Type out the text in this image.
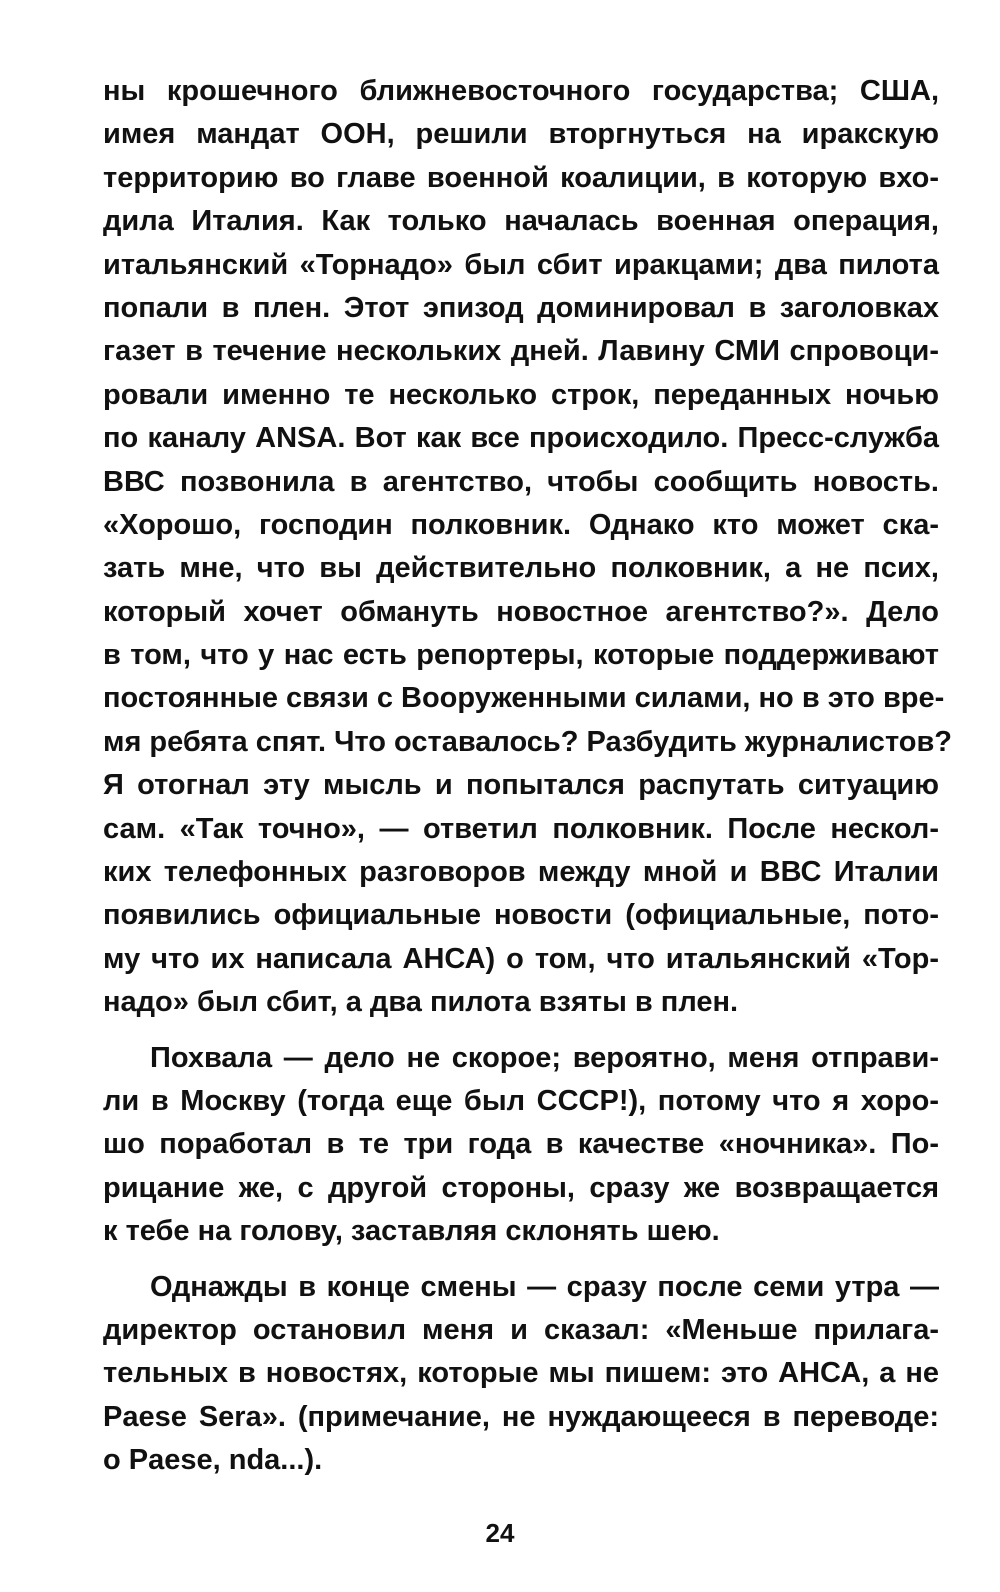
ны крошечного ближневосточного государства; США,
имея мандат ООН, решили вторгнуться на иракскую
территорию во главе военной коалиции, в которую вхо-
дила Италия. Как только началась военная операция,
итальянский «Торнадо» был сбит иракцами; два пилота
попали в плен. Этот эпизод доминировал в заголовках
газет в течение нескольких дней. Лавину СМИ спровоци-
ровали именно те несколько строк, переданных ночью
по каналу ANSA. Вот как все происходило. Пресс-служба
ВВС позвонила в агентство, чтобы сообщить новость.
«Хорошо, господин полковник. Однако кто может ска-
зать мне, что вы действительно полковник, а не псих,
который хочет обмануть новостное агентство?». Дело
в том, что у нас есть репортеры, которые поддерживают
постоянные связи с Вооруженными силами, но в это вре-
мя ребята спят. Что оставалось? Разбудить журналистов?
Я отогнал эту мысль и попытался распутать ситуацию
сам. «Так точно», — ответил полковник. После нескол-
ких телефонных разговоров между мной и ВВС Италии
появились официальные новости (официальные, пото-
му что их написала АНСА) о том, что итальянский «Тор-
надо» был сбит, а два пилота взяты в плен.
Похвала — дело не скорое; вероятно, меня отправи-
ли в Москву (тогда еще был СССР!), потому что я хоро-
шо поработал в те три года в качестве «ночника». По-
рицание же, с другой стороны, сразу же возвращается
к тебе на голову, заставляя склонять шею.
Однажды в конце смены — сразу после семи утра —
директор остановил меня и сказал: «Меньше прилага-
тельных в новостях, которые мы пишем: это АНСА, а не
Paese Sera». (примечание, не нуждающееся в переводе:
о Paese, nda...).
24
